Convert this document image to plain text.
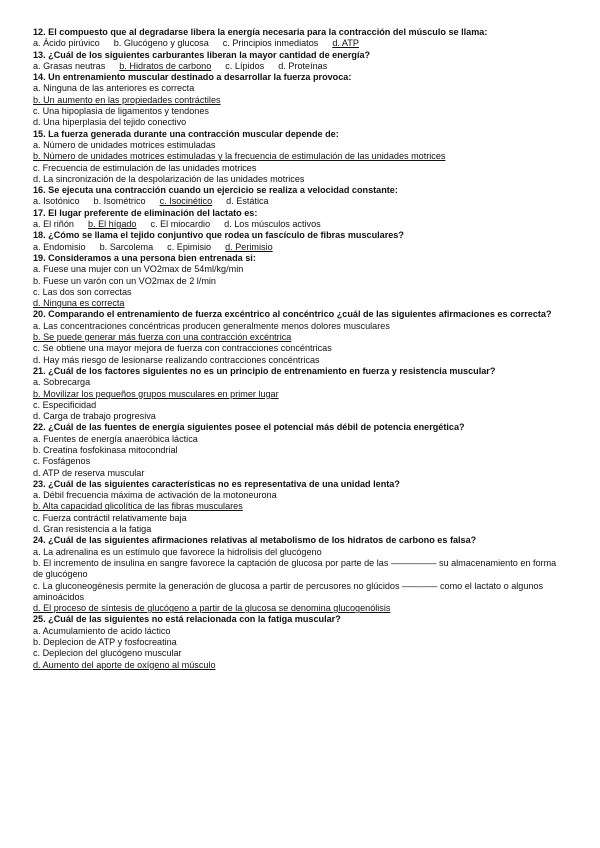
12. El compuesto que al degradarse libera la energía necesaria para la contracción del músculo se llama:

a. Ácido pirúvico b. Glucógeno y glucosa c. Principios inmediatos d. ATP

13. ¿Cuál de los siguientes carburantes liberan la mayor cantidad de energía?

a. Grasas neutras b. Hidratos de carbono c. Lípidos d. Proteínas

14. Un entrenamiento muscular destinado a desarrollar la fuerza provoca:

a. Ninguna de las anteriores es correcta

b. Un aumento en las propiedades contráctiles

c. Una hipoplasia de ligamentos y tendones

d. Una hiperplasia del tejido conectivo

15. La fuerza generada durante una contracción muscular depende de:

a. Número de unidades motrices estimuladas

b. Número de unidades motrices estimuladas y la frecuencia de estimulación de las unidades motrices

c. Frecuencia de estimulación de las unidades motrices

d. La sincronización de la despolarización de las unidades motrices

16. Se ejecuta una contracción cuando un ejercicio se realiza a velocidad constante:

a. Isotónico b. Isométrico c. Isocinético d. Estática

17. El lugar preferente de eliminación del lactato es:

a. El riñón b. El hígado c. El miocardio d. Los músculos activos

18. ¿Cómo se llama el tejido conjuntivo que rodea un fascículo de fibras musculares?

a. Endomisio b. Sarcolema c. Epimisio d. Perimisio

19. Consideramos a una persona bien entrenada si:

a. Fuese una mujer con un VO2max de 54ml/kg/min

b. Fuese un varón con un VO2max de 2 l/min

c. Las dos son correctas

d. Ninguna es correcta

20. Comparando el entrenamiento de fuerza excéntrico al concéntrico ¿cuál de las siguientes afirmaciones es correcta?

a. Las concentraciones concéntricas producen generalmente menos dolores musculares

b. Se puede generar más fuerza con una contracción excéntrica

c. Se obtiene una mayor mejora de fuerza con contracciones concéntricas

d. Hay más riesgo de lesionarse realizando contracciones concéntricas

21. ¿Cuál de los factores siguientes no es un principio de entrenamiento en fuerza y resistencia muscular?

a. Sobrecarga

b. Movilizar los pequeños grupos musculares en primer lugar

c. Especificidad

d. Carga de trabajo progresiva

22. ¿Cuál de las fuentes de energía siguientes posee el potencial más débil de potencia energética?

a. Fuentes de energía anaeróbica láctica

b. Creatina fosfokinasa mitocondrial

c. Fosfágenos

d. ATP de reserva muscular

23. ¿Cuál de las siguientes características no es representativa de una unidad lenta?

a. Débil frecuencia máxima de activación de la motoneurona

b. Alta capacidad glicolítica de las fibras musculares

c. Fuerza contráctil relativamente baja

d. Gran resistencia a la fatiga

24. ¿Cuál de las siguientes afirmaciones relativas al metabolismo de los hidratos de carbono es falsa?

a. La adrenalina es un estímulo que favorece la hidrolisis del glucógeno

b. El incremento de insulina en sangre favorece la captación de glucosa por parte de las ––––––––– su almacenamiento en forma de glucógeno

c. La gluconeogénesis permite la generación de glucosa a partir de percusores no glúcidos ––––––– como el lactato o algunos aminoácidos

d. El proceso de síntesis de glucógeno a partir de la glucosa se denomina glucogenólisis

25. ¿Cuál de las siguientes no está relacionada con la fatiga muscular?

a. Acumulamiento de acido láctico

b. Deplecion de ATP y fosfocreatina

c. Deplecion del glucógeno muscular

d. Aumento del aporte de oxígeno al músculo
